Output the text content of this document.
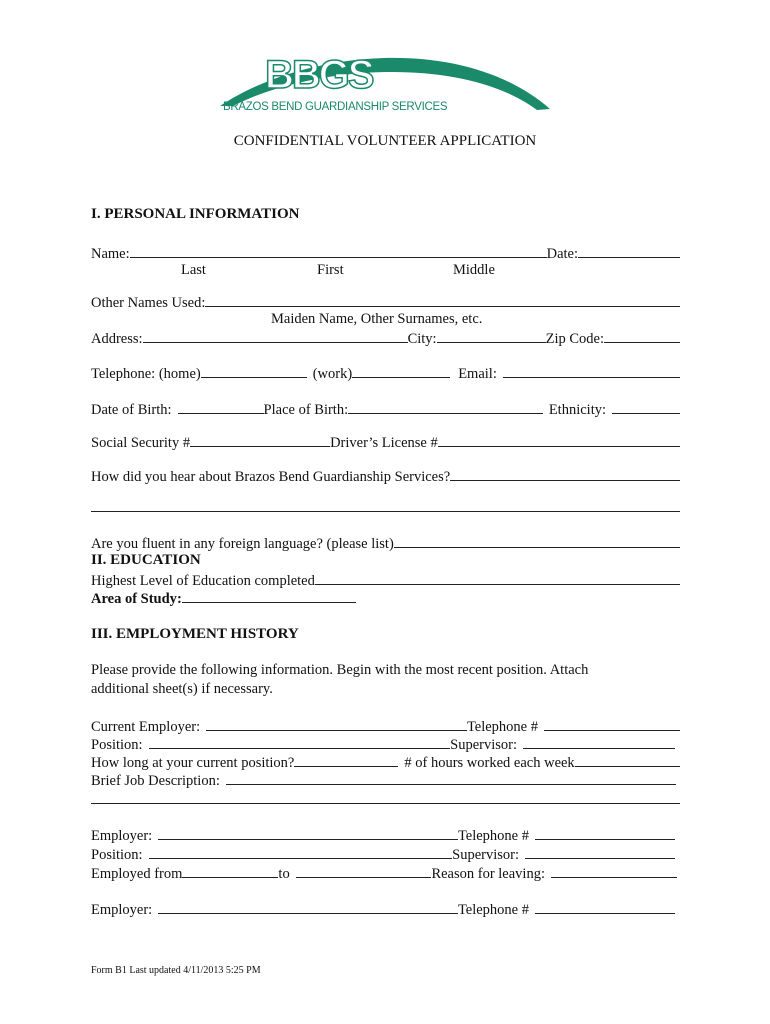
BBGS
BRAZOS BEND GUARDIANSHIP SERVICES
CONFIDENTIAL VOLUNTEER APPLICATION
I. PERSONAL INFORMATION
Name:	Date:
Last	First	Middle
Other Names Used:
Maiden Name, Other Surnames, etc.
Address:	City:	Zip Code:
Telephone: (home)	(work)	Email:
Date of Birth:	Place of Birth:	Ethnicity:
Social Security #	Driver’s License #
How did you hear about Brazos Bend Guardianship Services?
Are you fluent in any foreign language? (please list)
II. EDUCATION
Highest Level of Education completed
Area of Study :
III. EMPLOYMENT HISTORY
Please provide the following information. Begin with the most recent position. Attach
additional sheet(s) if necessary.
Current Employer:	Telephone #
Position:	Supervisor:
How long at your current position?	# of hours worked each week
Brief Job Description:
Employer:	Telephone #
Position:	Supervisor:
Employed from	to	Reason for leaving:
Employer:	Telephone #
Form B1 Last updated 4/11/2013 5:25 PM
